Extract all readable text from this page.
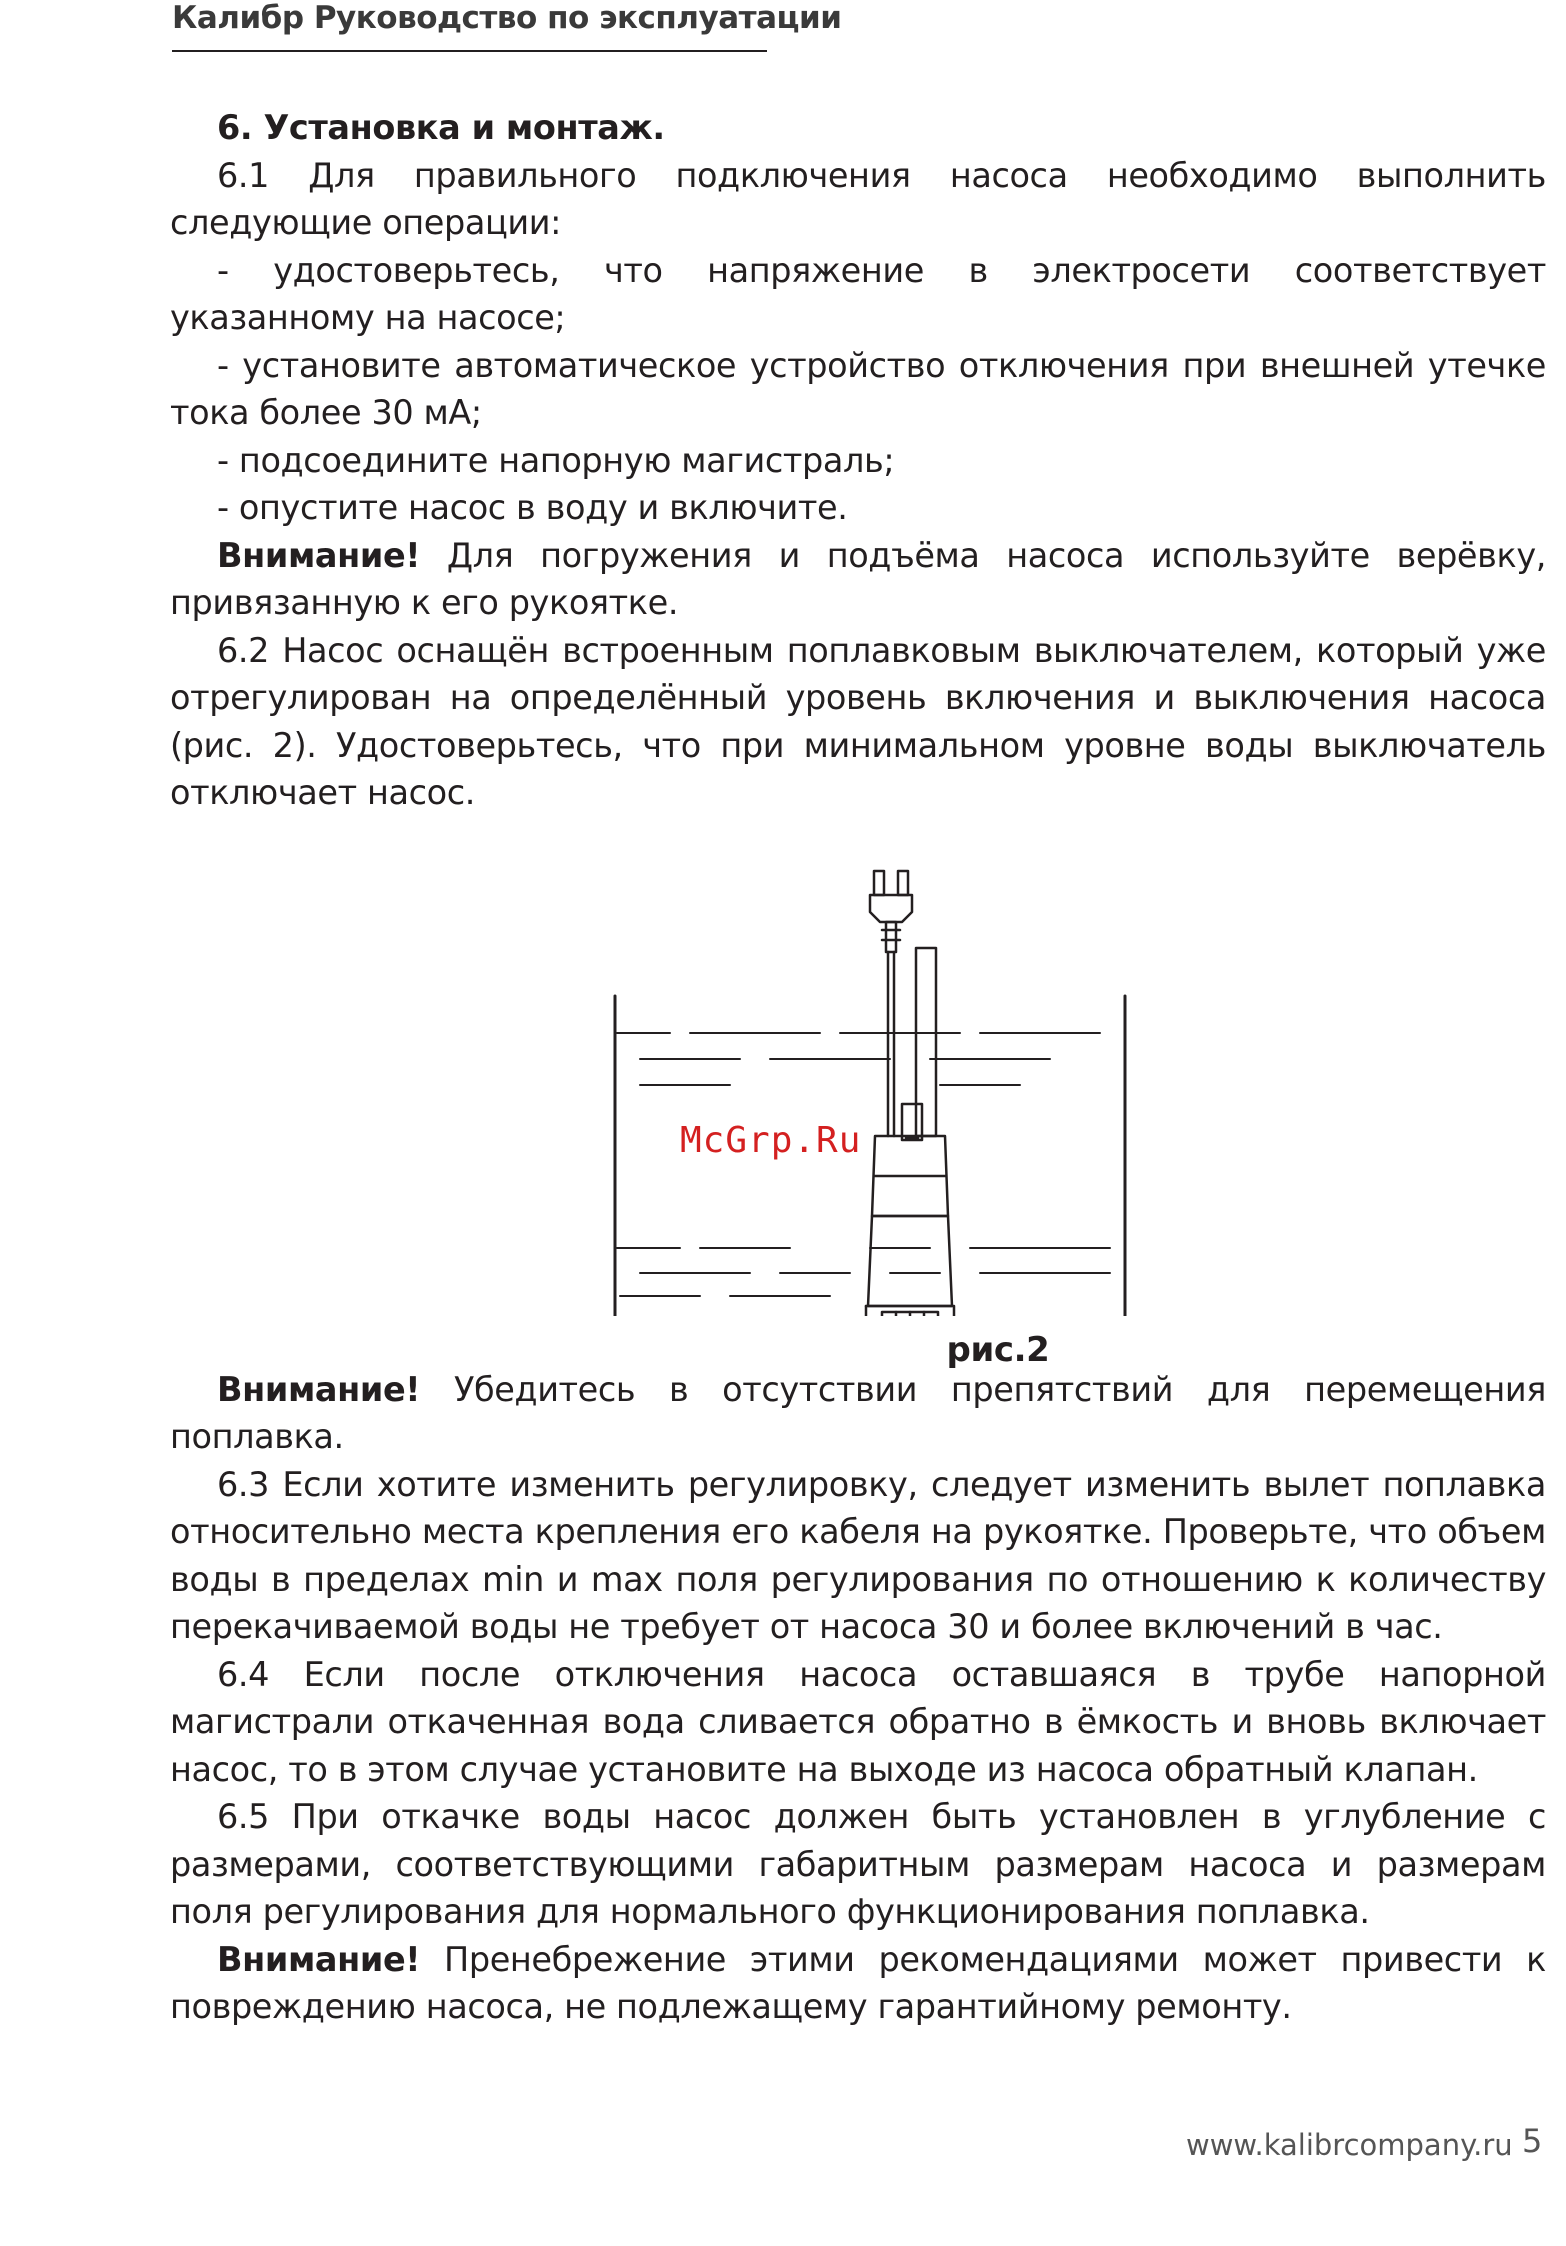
Калибр Руководство по эксплуатации

6. Установка и монтаж.

6.1 Для правильного подключения насоса необходимо выполнить следующие операции:

- удостоверьтесь, что напряжение в электросети соответствует указанному на насосе;

- установите автоматическое устройство отключения при внешней утечке тока более 30 мА;

- подсоедините напорную магистраль;

- опустите насос в воду и включите.

Внимание! Для погружения и подъёма насоса используйте верёвку, привязанную к его рукоятке.

6.2 Насос оснащён встроенным поплавковым выключателем, который уже отрегулирован на определённый уровень включения и выключения насоса (рис. 2). Удостоверьтесь, что при минимальном уровне воды выключатель отключает насос.

McGrp.Ru
рис.2

Внимание! Убедитесь в отсутствии препятствий для перемещения поплавка.

6.3 Если хотите изменить регулировку, следует изменить вылет поплавка относительно места крепления его кабеля на рукоятке. Проверьте, что объем воды в пределах min и max поля регулирования по отношению к количеству перекачиваемой воды не требует от насоса 30 и более включений в час.

6.4 Если после отключения насоса оставшаяся в трубе напорной магистрали откаченная вода сливается обратно в ёмкость и вновь включает насос, то в этом случае установите на выходе из насоса обратный клапан.

6.5 При откачке воды насос должен быть установлен в углубление с размерами, соответствующими габаритным размерам насоса и размерам поля регулирования для нормального функционирования поплавка.

Внимание! Пренебрежение этими рекомендациями может привести к повреждению насоса, не подлежащему гарантийному ремонту.

www.kalibrcompany.ru 5
